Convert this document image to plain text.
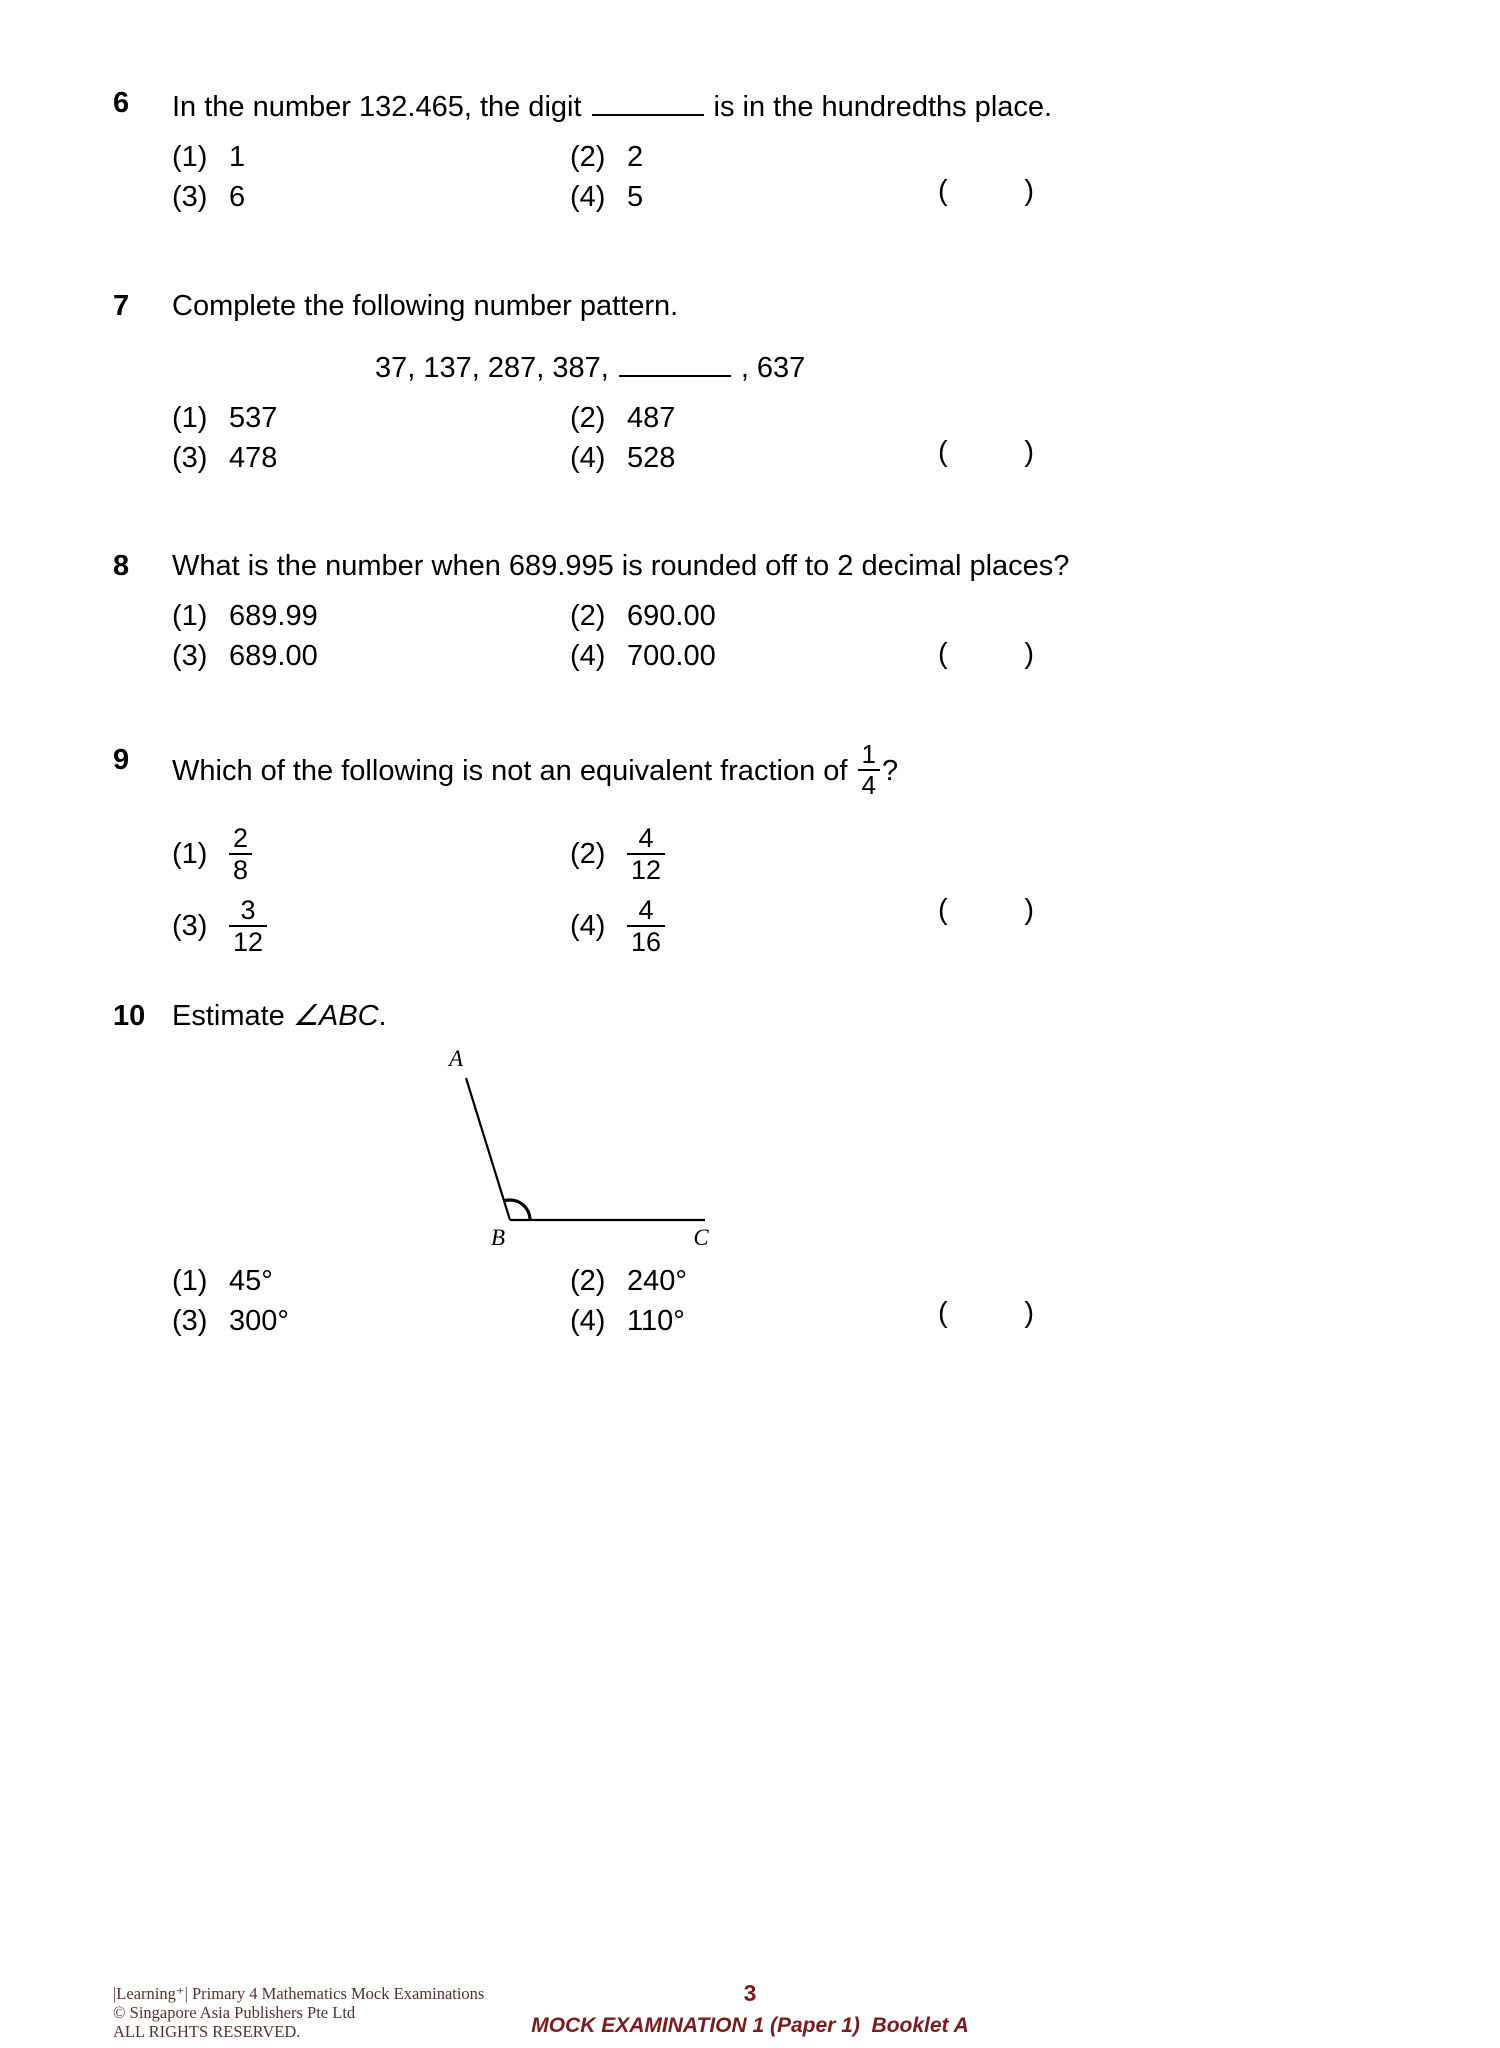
6 In the number 132.465, the digit	is in the hundredths place.
(1) 1	(2) 2
(3) 6	(4) 5	(	)
7 Complete the following number pattern.
37, 137, 287, 387,	, 637
(1) 537	(2) 487
(3) 478	(4) 528	(	)
8 What is the number when 689.995 is rounded off to 2 decimal places?
(1) 689.99	(2) 690.00
(3) 689.00	(4) 700.00	(	)
9 Which of the following is not an equivalent fraction of $\frac{1}{4}$ ?
$(1) \frac{2}{8}$	$(2) \frac{4}{12}$
$(3) \frac{3}{12}$	$(4) \frac{4}{16}$	(	)
10 Estimate ∠ABC.
A
B	C
(1) 45°	(2) 240°
(3) 300°	(4) 110°	(	)
|Learning⁺| Primary 4 Mathematics Mock Examinations
© Singapore Asia Publishers Pte Ltd
ALL RIGHTS RESERVED.
3
MOCK EXAMINATION 1 (Paper 1)  Booklet A
